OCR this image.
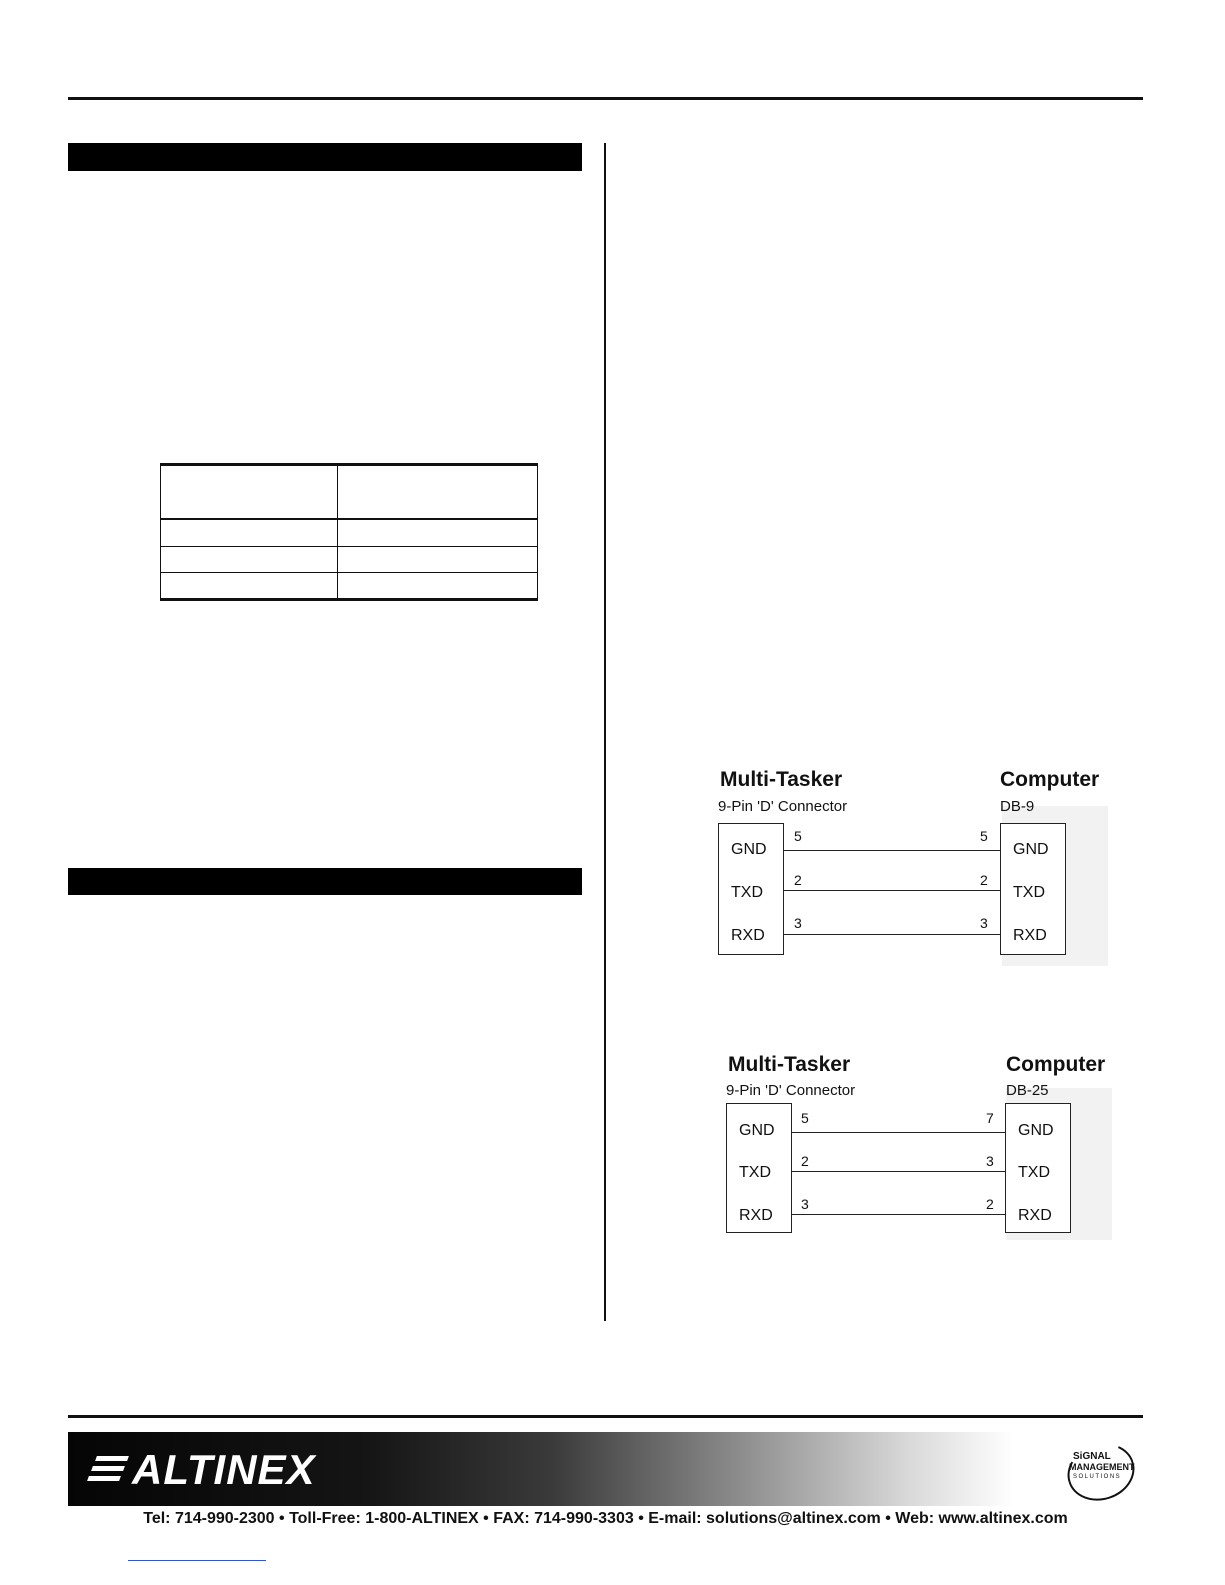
Multi-Tasker
9-Pin 'D' Connector
Computer
DB-9
GND
TXD
RXD
GND
TXD
RXD
5
2
3
5
2
3
Multi-Tasker
9-Pin 'D' Connector
Computer
DB-25
GND
TXD
RXD
GND
TXD
RXD
5
2
3
7
3
2
ALTINEX	SiGNAL
MANAGEMENT
SOLUTIONS
Tel: 714-990-2300 • Toll-Free: 1-800-ALTINEX • FAX: 714-990-3303 • E-mail: solutions@altinex.com • Web: www.altinex.com
